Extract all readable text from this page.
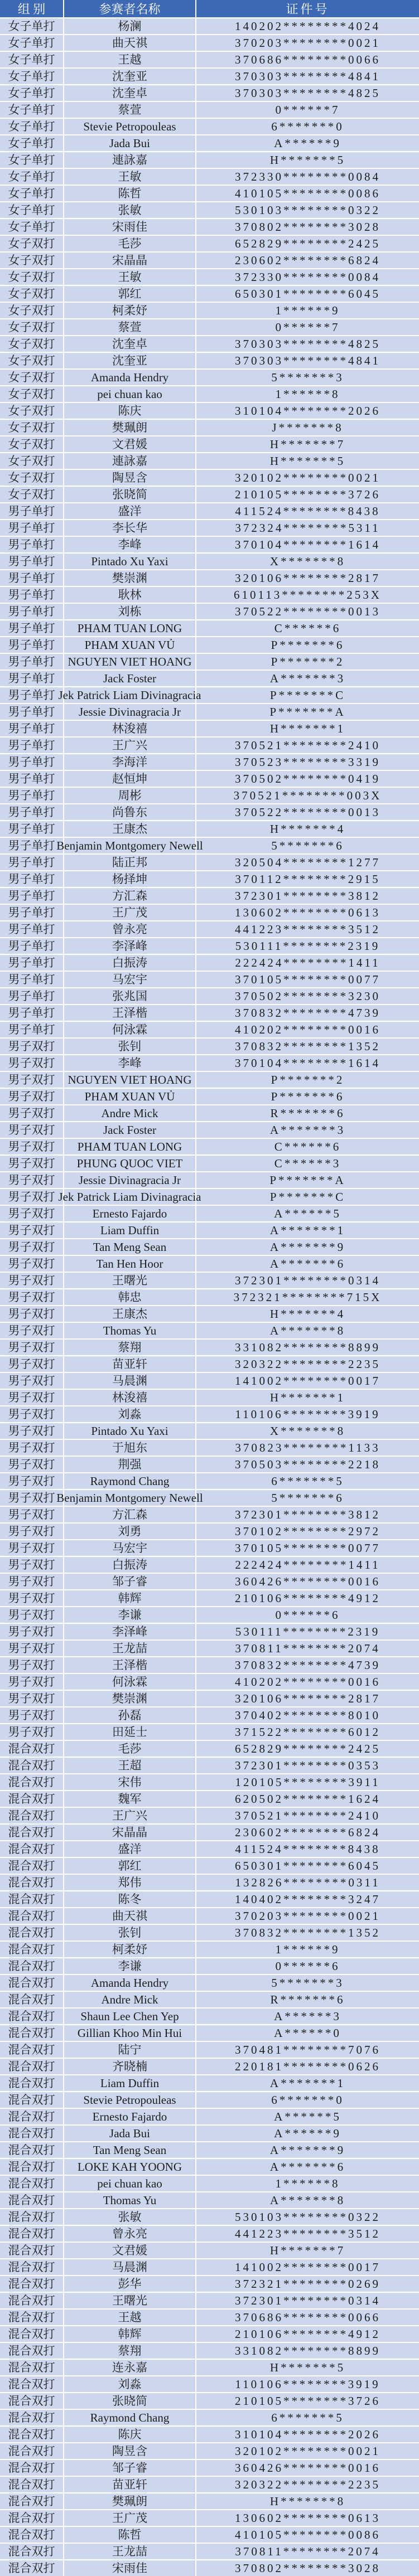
组 别	参赛者名称	证件号
女子单打	杨澜	140202********4024
女子单打	曲天祺	370203********0021
女子单打	王越	370686********0066
女子单打	沈奎亚	370303********4841
女子单打	沈奎卓	370303********4825
女子单打	蔡萱	0******7
女子单打	Stevie Petropouleas	6*******0
女子单打	Jada Bui	A******9
女子单打	連詠嘉	H*******5
女子单打	王敏	372330********0084
女子单打	陈哲	410105********0086
女子单打	张敏	530103********0322
女子单打	宋雨佳	370802********3028
女子双打	毛莎	652829********2425
女子双打	宋晶晶	230602********6824
女子双打	王敏	372330********0084
女子双打	郭红	650301********6045
女子双打	柯柔妤	1******9
女子双打	蔡萱	0******7
女子双打	沈奎卓	370303********4825
女子双打	沈奎亚	370303********4841
女子双打	Amanda Hendry	5*******3
女子双打	pei chuan kao	1******8
女子双打	陈庆	310104********2026
女子双打	樊珮朗	J*******8
女子双打	文君媛	H*******7
女子双打	連詠嘉	H*******5
女子双打	陶昱含	320102********0021
女子双打	张晓简	210105********3726
男子单打	盛洋	411524********8438
男子单打	李长华	372324********5311
男子单打	李峰	370104********1614
男子单打	Pintado Xu Yaxi	X*******8
男子单打	樊崇渊	320106********2817
男子单打	耿林	610113********253X
男子单打	刘栋	370522********0013
男子单打	PHAM TUAN LONG	C******6
男子单打	PHAM XUAN VỦ	P*******6
男子单打	NGUYEN VIET HOANG	P*******2
男子单打	Jack Foster	A*******3
男子单打 Jek Patrick Liam Divinagracia	P*******C
男子单打	Jessie Divinagracia Jr	P*******A
男子单打	林浚禧	H*******1
男子单打	王广兴	370521********2410
男子单打	李海洋	370523********3319
男子单打	赵恒坤	370502********0419
男子单打	周彬	370521********003X
男子单打	尚鲁东	370522********0013
男子单打	王康杰	H*******4
男子单打 Benjamin Montgomery Newell	5*******6
男子单打	陆正邦	320504********1277
男子单打	杨择坤	370112********2915
男子单打	方汇森	372301********3812
男子单打	王广茂	130602********0613
男子单打	曾永亮	441223********3512
男子单打	李泽峰	530111********2319
男子单打	白振涛	222424********1411
男子单打	马宏宇	370105********0077
男子单打	张兆国	370502********3230
男子单打	王泽楷	370832********4739
男子单打	何泳霖	410202********0016
男子双打	张钊	370832********1352
男子双打	李峰	370104********1614
男子双打	NGUYEN VIET HOANG	P*******2
男子双打	PHAM XUAN VỦ	P*******6
男子双打	Andre Mick	R*******6
男子双打	Jack Foster	A*******3
男子双打	PHAM TUAN LONG	C******6
男子双打	PHUNG QUOC VIET	C******3
男子双打	Jessie Divinagracia Jr	P*******A
男子双打 Jek Patrick Liam Divinagracia	P*******C
男子双打	Ernesto Fajardo	A******5
男子双打	Liam Duffin	A*******1
男子双打	Tan Meng Sean	A*******9
男子双打	Tan Hen Hoor	A*******6
男子双打	王曙光	372301********0314
男子双打	韩忠	372321********715X
男子双打	王康杰	H*******4
男子双打	Thomas Yu	A*******8
男子双打	蔡翔	331082********8899
男子双打	苗亚轩	320322********2235
男子双打	马晨渊	141002********0017
男子双打	林浚禧	H*******1
男子双打	刘淼	110106********3919
男子双打	Pintado Xu Yaxi	X*******8
男子双打	于旭东	370823********1133
男子双打	荆强	370503********2218
男子双打	Raymond Chang	6*******5
男子双打 Benjamin Montgomery Newell	5*******6
男子双打	方汇森	372301********3812
男子双打	刘勇	370102********2972
男子双打	马宏宇	370105********0077
男子双打	白振涛	222424********1411
男子双打	邹子睿	360426********0016
男子双打	韩辉	210106********4912
男子双打	李谦	0******6
男子双打	李泽峰	530111********2319
男子双打	王龙喆	370811********2074
男子双打	王泽楷	370832********4739
男子双打	何泳霖	410202********0016
男子双打	樊崇渊	320106********2817
男子双打	孙磊	370402********8010
男子双打	田延士	371522********6012
混合双打	毛莎	652829********2425
混合双打	王超	372301********0353
混合双打	宋伟	120105********3911
混合双打	魏军	620502********1624
混合双打	王广兴	370521********2410
混合双打	宋晶晶	230602********6824
混合双打	盛洋	411524********8438
混合双打	郭红	650301********6045
混合双打	郑伟	132826********0311
混合双打	陈冬	140402********3247
混合双打	曲天祺	370203********0021
混合双打	张钊	370832********1352
混合双打	柯柔妤	1******9
混合双打	李谦	0******6
混合双打	Amanda Hendry	5*******3
混合双打	Andre Mick	R*******6
混合双打	Shaun Lee Chen Yep	A******3
混合双打	Gillian Khoo Min Hui	A******0
混合双打	陆宁	370481********7076
混合双打	齐晓楠	220181********0626
混合双打	Liam Duffin	A*******1
混合双打	Stevie Petropouleas	6*******0
混合双打	Ernesto Fajardo	A******5
混合双打	Jada Bui	A******9
混合双打	Tan Meng Sean	A*******9
混合双打	LOKE KAH YOONG	A*******6
混合双打	pei chuan kao	1******8
混合双打	Thomas Yu	A*******8
混合双打	张敏	530103********0322
混合双打	曾永亮	441223********3512
混合双打	文君媛	H*******7
混合双打	马晨渊	141002********0017
混合双打	彭华	372321********0269
混合双打	王曙光	372301********0314
混合双打	王越	370686********0066
混合双打	韩辉	210106********4912
混合双打	蔡翔	331082********8899
混合双打	连永嘉	H*******5
混合双打	刘淼	110106********3919
混合双打	张晓简	210105********3726
混合双打	Raymond Chang	6*******5
混合双打	陈庆	310104********2026
混合双打	陶昱含	320102********0021
混合双打	邹子睿	360426********0016
混合双打	苗亚轩	320322********2235
混合双打	樊珮朗	H*******8
混合双打	王广茂	130602********0613
混合双打	陈哲	410105********0086
混合双打	王龙喆	370811********2074
混合双打	宋雨佳	370802********3028
